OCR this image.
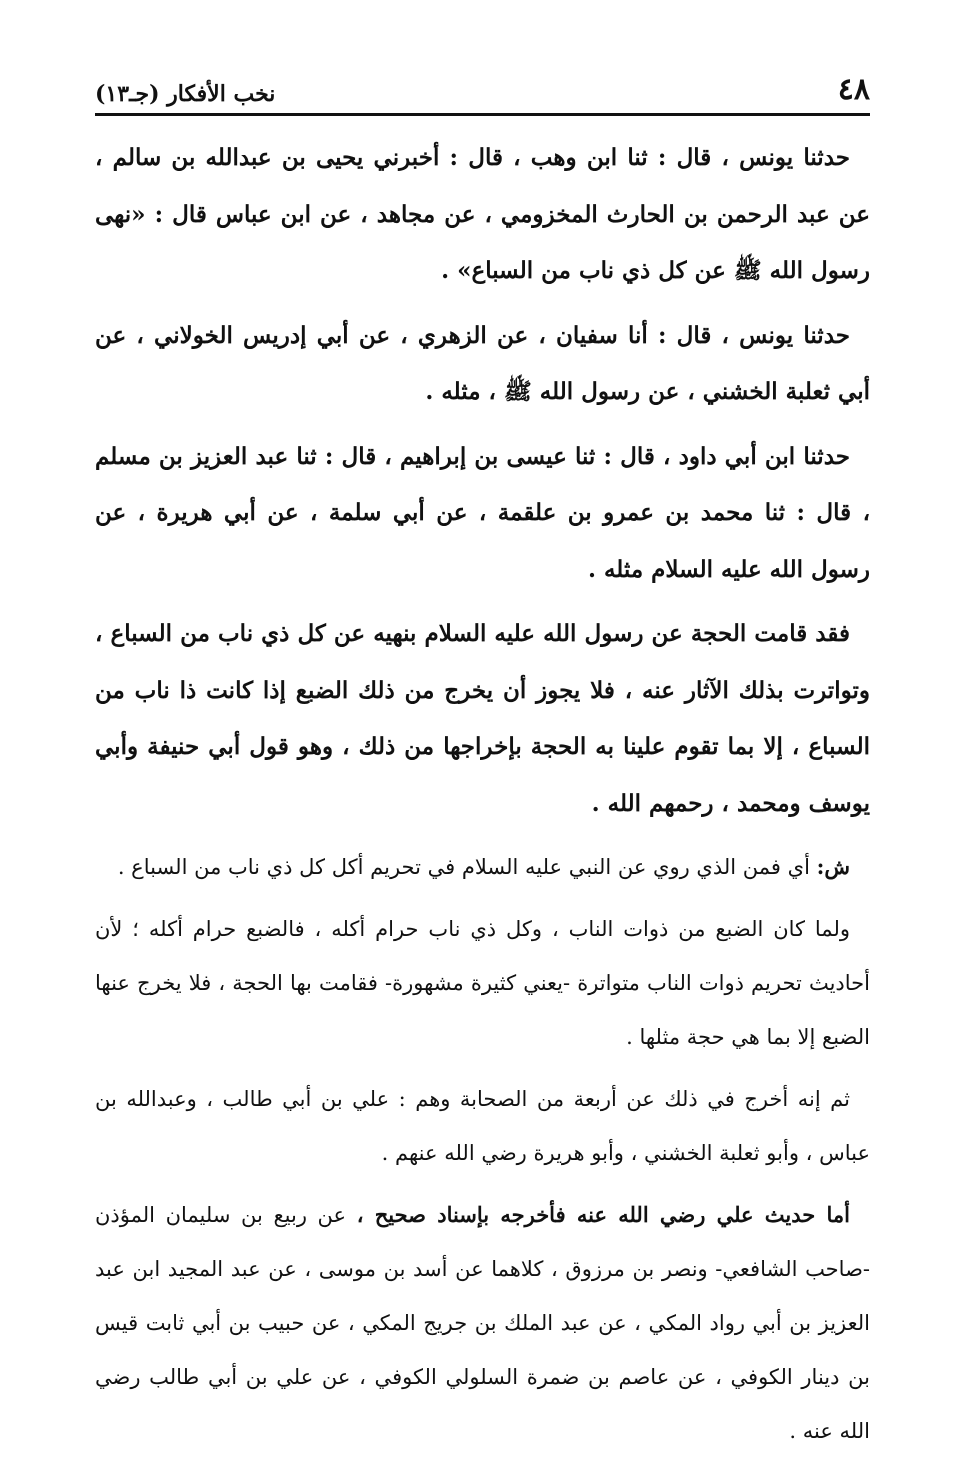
٤٨
نخب الأفكار (جـ١٣)

حدثنا يونس ، قال : ثنا ابن وهب ، قال : أخبرني يحيى بن عبدالله بن سالم ، عن عبد الرحمن بن الحارث المخزومي ، عن مجاهد ، عن ابن عباس قال : «نهى رسول الله ﷺ عن كل ذي ناب من السباع» .

حدثنا يونس ، قال : أنا سفيان ، عن الزهري ، عن أبي إدريس الخولاني ، عن أبي ثعلبة الخشني ، عن رسول الله ﷺ ، مثله .

حدثنا ابن أبي داود ، قال : ثنا عيسى بن إبراهيم ، قال : ثنا عبد العزيز بن مسلم ، قال : ثنا محمد بن عمرو بن علقمة ، عن أبي سلمة ، عن أبي هريرة ، عن رسول الله عليه السلام مثله .

فقد قامت الحجة عن رسول الله عليه السلام بنهيه عن كل ذي ناب من السباع ، وتواترت بذلك الآثار عنه ، فلا يجوز أن يخرج من ذلك الضبع إذا كانت ذا ناب من السباع ، إلا بما تقوم علينا به الحجة بإخراجها من ذلك ، وهو قول أبي حنيفة وأبي يوسف ومحمد ، رحمهم الله .

ش: أي فمن الذي روي عن النبي عليه السلام في تحريم أكل كل ذي ناب من السباع .

ولما كان الضبع من ذوات الناب ، وكل ذي ناب حرام أكله ، فالضبع حرام أكله ؛ لأن أحاديث تحريم ذوات الناب متواترة -يعني كثيرة مشهورة- فقامت بها الحجة ، فلا يخرج عنها الضبع إلا بما هي حجة مثلها .

ثم إنه أخرج في ذلك عن أربعة من الصحابة وهم : علي بن أبي طالب ، وعبدالله بن عباس ، وأبو ثعلبة الخشني ، وأبو هريرة رضي الله عنهم .

أما حديث علي رضي الله عنه فأخرجه بإسناد صحيح ، عن ربيع بن سليمان المؤذن -صاحب الشافعي- ونصر بن مرزوق ، كلاهما عن أسد بن موسى ، عن عبد المجيد ابن عبد العزيز بن أبي رواد المكي ، عن عبد الملك بن جريج المكي ، عن حبيب بن أبي ثابت قيس بن دينار الكوفي ، عن عاصم بن ضمرة السلولي الكوفي ، عن علي بن أبي طالب رضي الله عنه .
